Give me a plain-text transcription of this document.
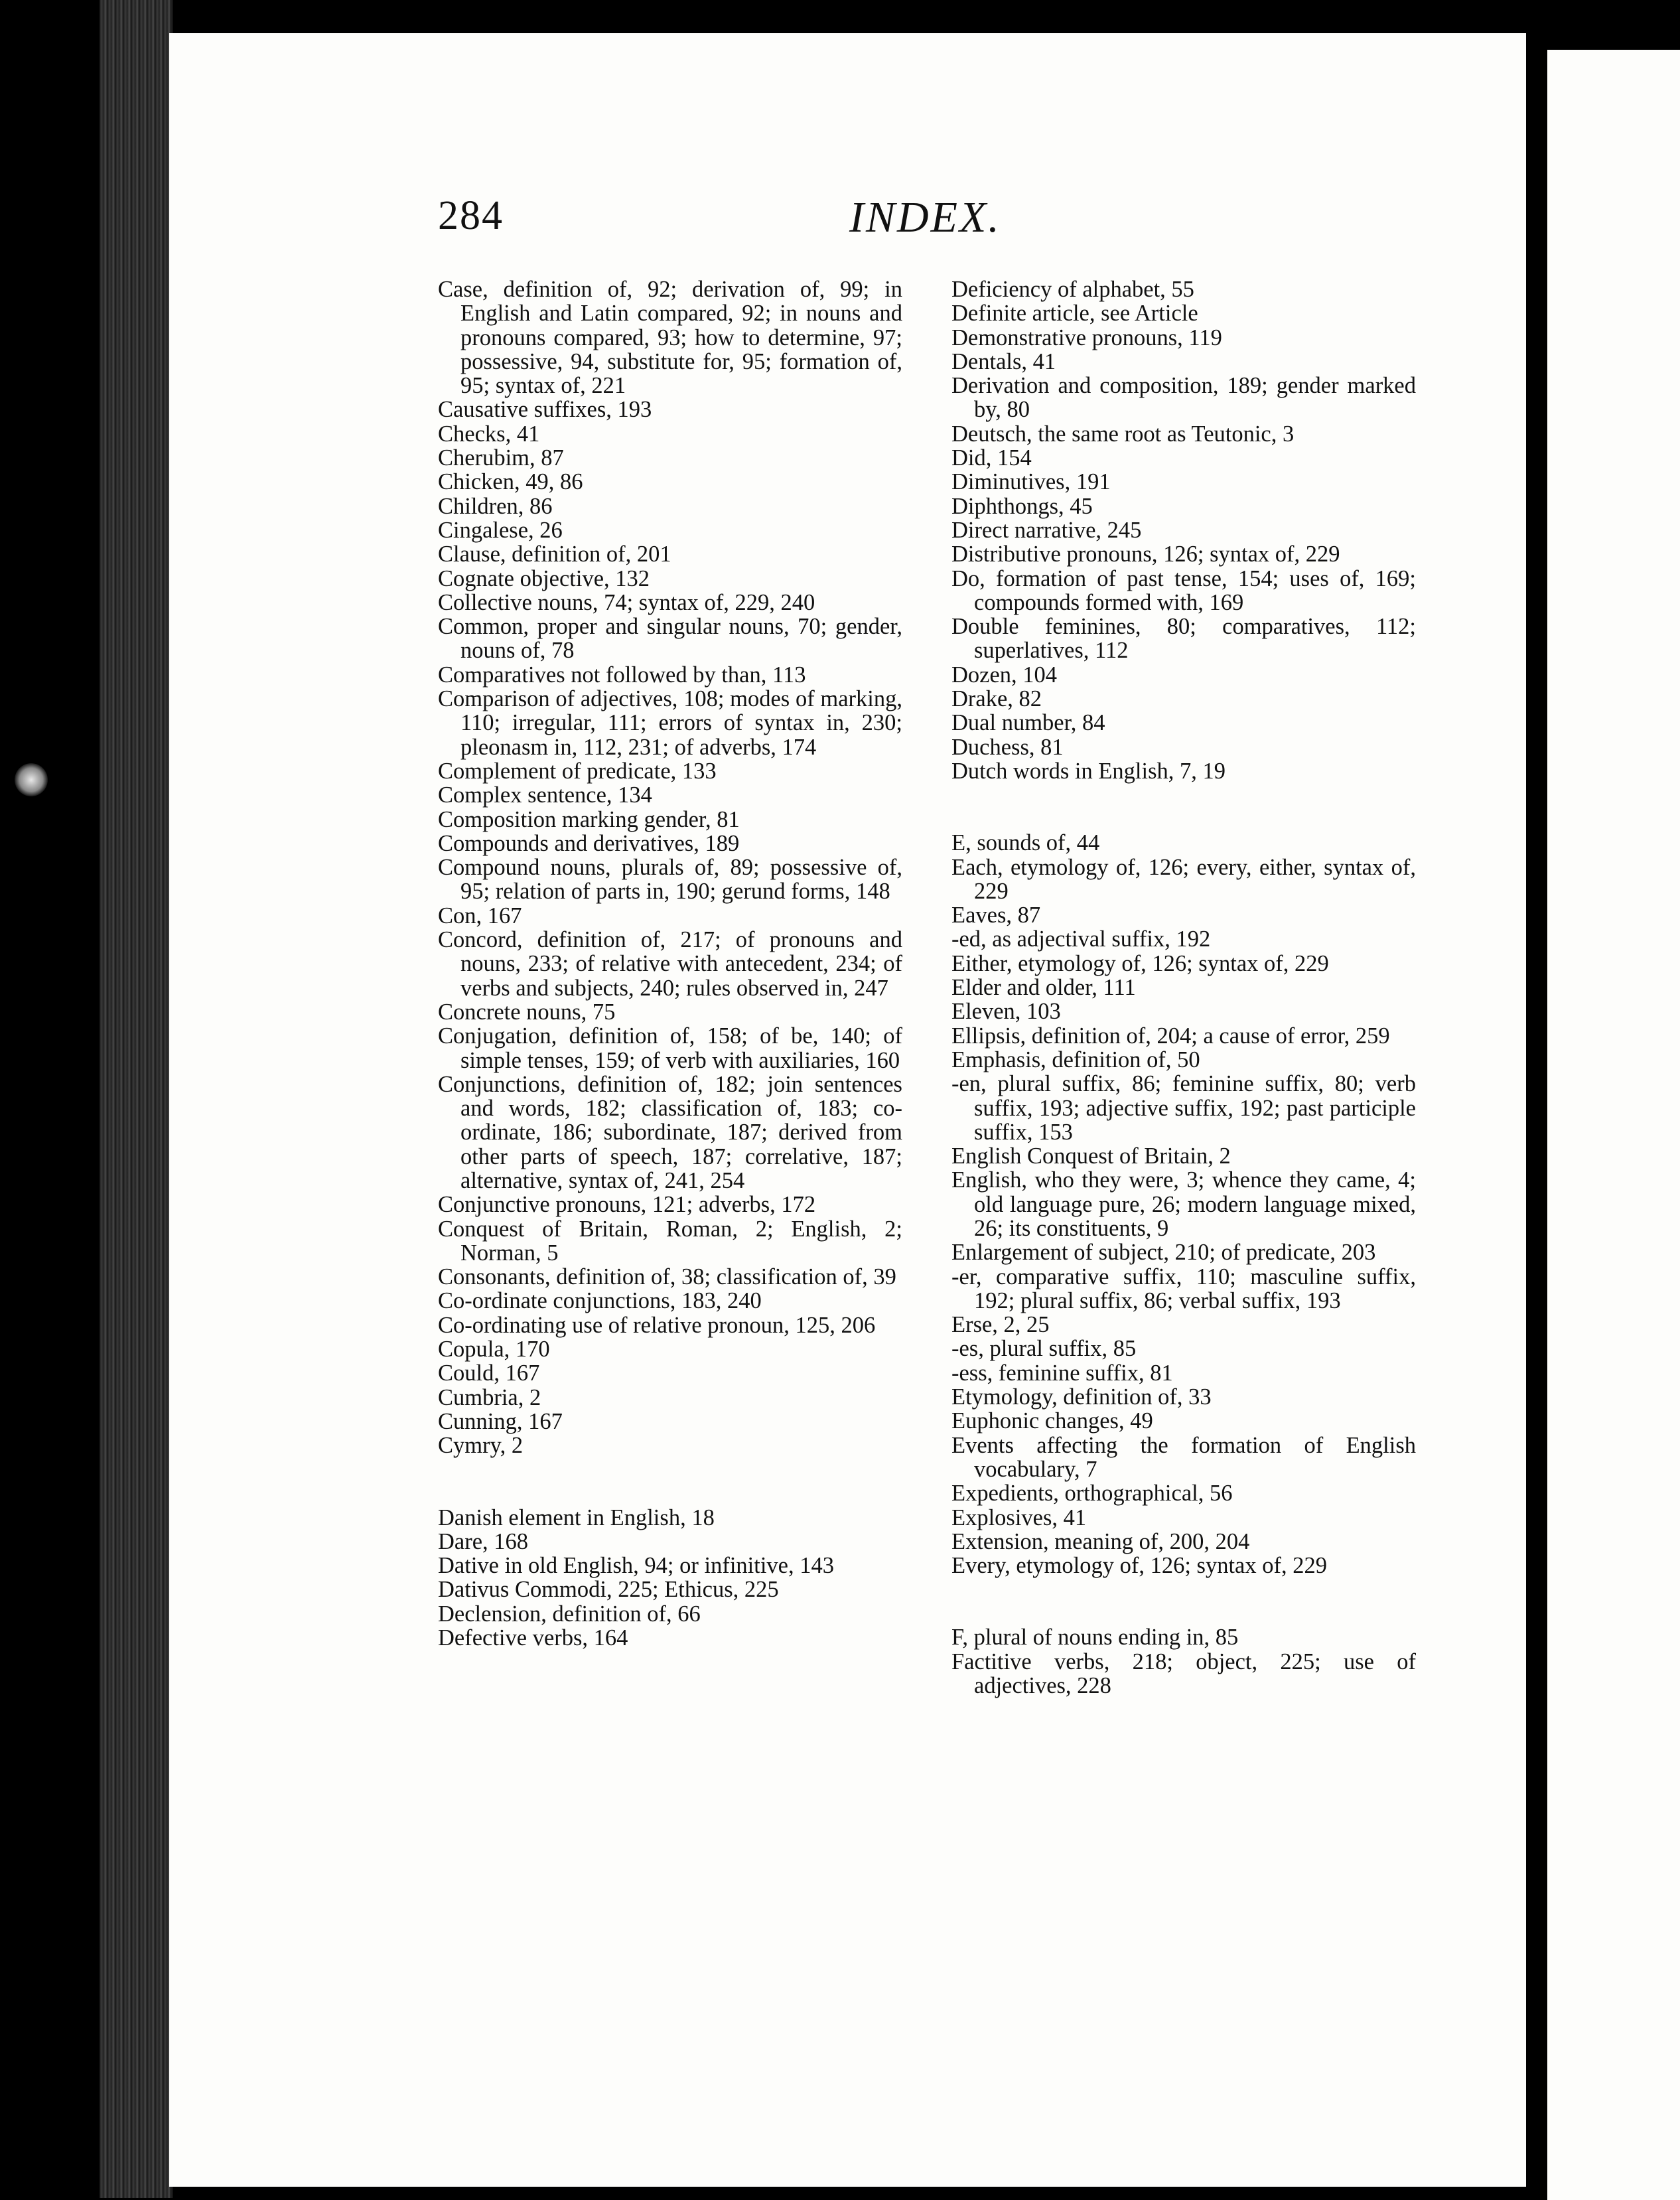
284	INDEX.
Case, definition of, 92; derivation of, 99; in English and Latin compared, 92; in nouns and pronouns compared, 93; how to determine, 97; possessive, 94, substitute for, 95; formation of, 95; syntax of, 221
Causative suffixes, 193
Checks, 41
Cherubim, 87
Chicken, 49, 86
Children, 86
Cingalese, 26
Clause, definition of, 201
Cognate objective, 132
Collective nouns, 74; syntax of, 229, 240
Common, proper and singular nouns, 70; gender, nouns of, 78
Comparatives not followed by than, 113
Comparison of adjectives, 108; modes of marking, 110; irregular, 111; errors of syntax in, 230; pleonasm in, 112, 231; of adverbs, 174
Complement of predicate, 133
Complex sentence, 134
Composition marking gender, 81
Compounds and derivatives, 189
Compound nouns, plurals of, 89; possessive of, 95; relation of parts in, 190; gerund forms, 148
Con, 167
Concord, definition of, 217; of pronouns and nouns, 233; of relative with antecedent, 234; of verbs and subjects, 240; rules observed in, 247
Concrete nouns, 75
Conjugation, definition of, 158; of be, 140; of simple tenses, 159; of verb with auxiliaries, 160
Conjunctions, definition of, 182; join sentences and words, 182; classification of, 183; co-ordinate, 186; subordinate, 187; derived from other parts of speech, 187; correlative, 187; alternative, syntax of, 241, 254
Conjunctive pronouns, 121; adverbs, 172
Conquest of Britain, Roman, 2; English, 2; Norman, 5
Consonants, definition of, 38; classification of, 39
Co-ordinate conjunctions, 183, 240
Co-ordinating use of relative pronoun, 125, 206
Copula, 170
Could, 167
Cumbria, 2
Cunning, 167
Cymry, 2
Danish element in English, 18
Dare, 168
Dative in old English, 94; or infinitive, 143
Dativus Commodi, 225; Ethicus, 225
Declension, definition of, 66
Defective verbs, 164
Deficiency of alphabet, 55
Definite article, see Article
Demonstrative pronouns, 119
Dentals, 41
Derivation and composition, 189; gender marked by, 80
Deutsch, the same root as Teutonic, 3
Did, 154
Diminutives, 191
Diphthongs, 45
Direct narrative, 245
Distributive pronouns, 126; syntax of, 229
Do, formation of past tense, 154; uses of, 169; compounds formed with, 169
Double feminines, 80; comparatives, 112; superlatives, 112
Dozen, 104
Drake, 82
Dual number, 84
Duchess, 81
Dutch words in English, 7, 19
E, sounds of, 44
Each, etymology of, 126; every, either, syntax of, 229
Eaves, 87
-ed, as adjectival suffix, 192
Either, etymology of, 126; syntax of, 229
Elder and older, 111
Eleven, 103
Ellipsis, definition of, 204; a cause of error, 259
Emphasis, definition of, 50
-en, plural suffix, 86; feminine suffix, 80; verb suffix, 193; adjective suffix, 192; past participle suffix, 153
English Conquest of Britain, 2
English, who they were, 3; whence they came, 4; old language pure, 26; modern language mixed, 26; its constituents, 9
Enlargement of subject, 210; of predicate, 203
-er, comparative suffix, 110; masculine suffix, 192; plural suffix, 86; verbal suffix, 193
Erse, 2, 25
-es, plural suffix, 85
-ess, feminine suffix, 81
Etymology, definition of, 33
Euphonic changes, 49
Events affecting the formation of English vocabulary, 7
Expedients, orthographical, 56
Explosives, 41
Extension, meaning of, 200, 204
Every, etymology of, 126; syntax of, 229
F, plural of nouns ending in, 85
Factitive verbs, 218; object, 225; use of adjectives, 228
